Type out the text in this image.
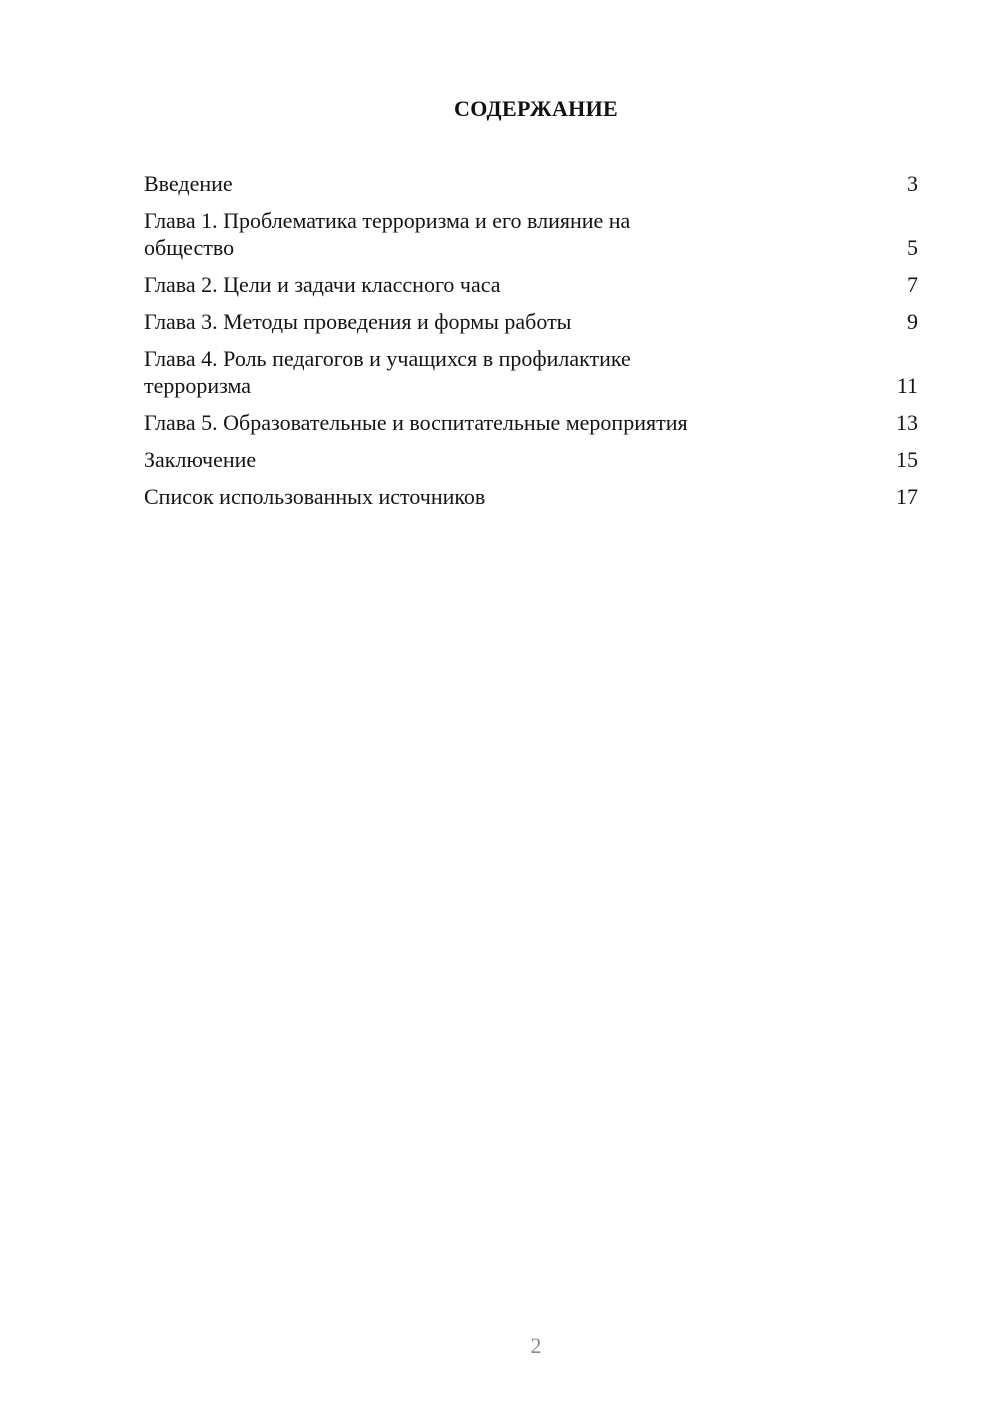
СОДЕРЖАНИЕ
Введение	3
Глава 1. Проблематика терроризма и его влияние на общество	5
Глава 2. Цели и задачи классного часа	7
Глава 3. Методы проведения и формы работы	9
Глава 4. Роль педагогов и учащихся в профилактике терроризма	11
Глава 5. Образовательные и воспитательные мероприятия	13
Заключение	15
Список использованных источников	17
2
